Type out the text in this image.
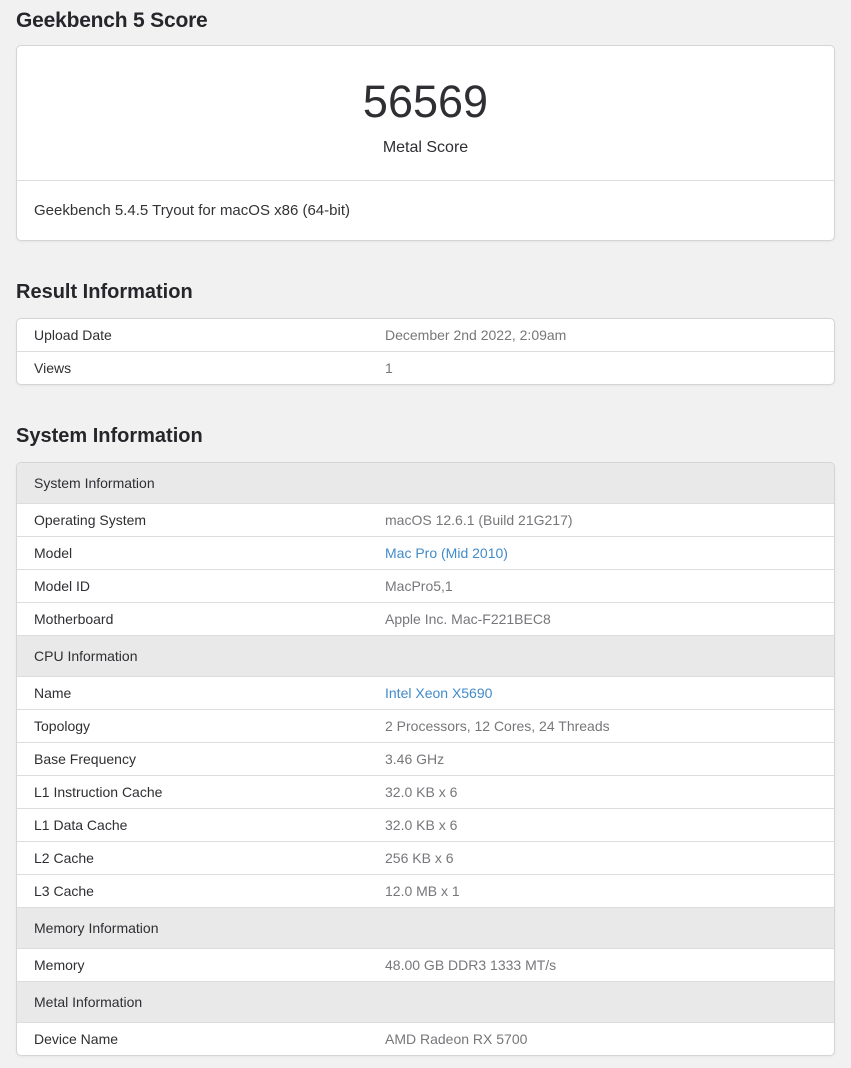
Geekbench 5 Score
56569
Metal Score
Geekbench 5.4.5 Tryout for macOS x86 (64-bit)
Result Information
Upload Date	December 2nd 2022, 2:09am
Views	1
System Information
System Information	
Operating System	macOS 12.6.1 (Build 21G217)
Model	Mac Pro (Mid 2010)
Model ID	MacPro5,1
Motherboard	Apple Inc. Mac-F221BEC8
CPU Information	
Name	Intel Xeon X5690
Topology	2 Processors, 12 Cores, 24 Threads
Base Frequency	3.46 GHz
L1 Instruction Cache	32.0 KB x 6
L1 Data Cache	32.0 KB x 6
L2 Cache	256 KB x 6
L3 Cache	12.0 MB x 1
Memory Information	
Memory	48.00 GB DDR3 1333 MT/s
Metal Information	
Device Name	AMD Radeon RX 5700
